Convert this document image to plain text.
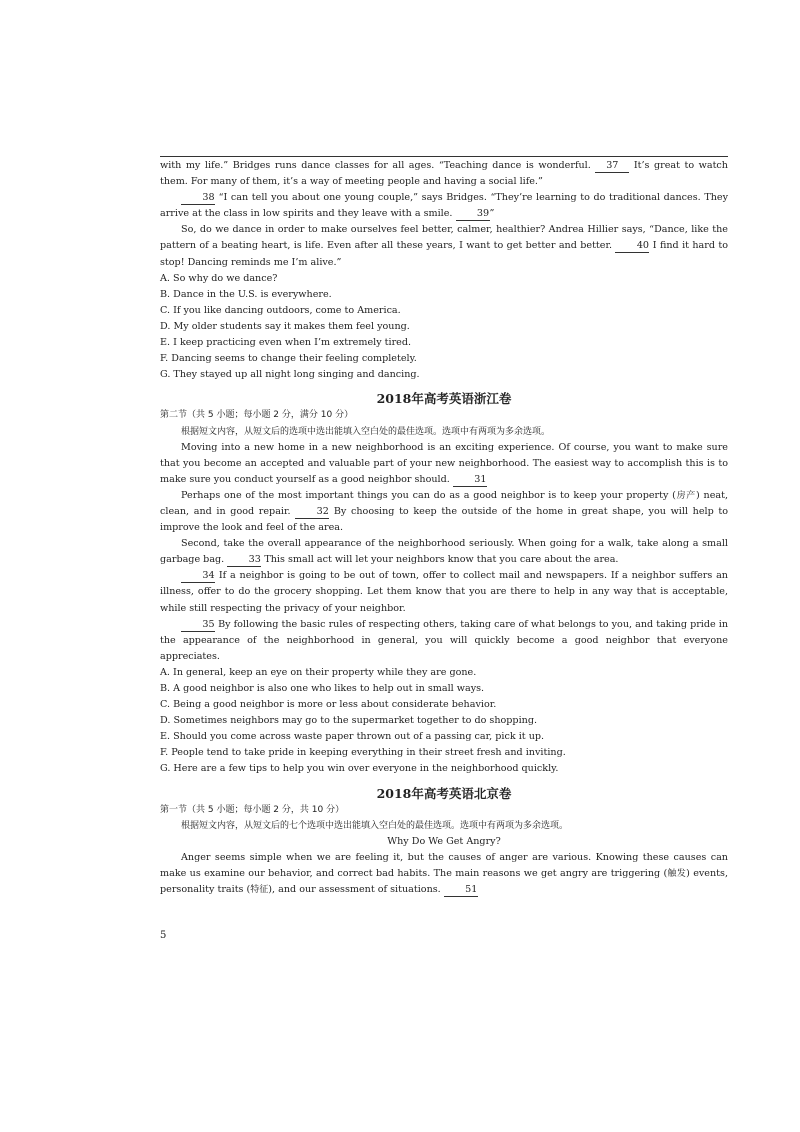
with my life.” Bridges runs dance classes for all ages. “Teaching dance is wonderful. 37 It’s great to watch them. For many of them, it’s a way of meeting people and having a social life.”

38 “I can tell you about one young couple,” says Bridges. “They’re learning to do traditional dances. They arrive at the class in low spirits and they leave with a smile. 39”

So, do we dance in order to make ourselves feel better, calmer, healthier? Andrea Hillier says, “Dance, like the pattern of a beating heart, is life. Even after all these years, I want to get better and better. 40 I find it hard to stop! Dancing reminds me I’m alive.”

A. So why do we dance?

B. Dance in the U.S. is everywhere.

C. If you like dancing outdoors, come to America.

D. My older students say it makes them feel young.

E. I keep practicing even when I’m extremely tired.

F. Dancing seems to change their feeling completely.

G. They stayed up all night long singing and dancing.

2018年高考英语浙江卷

第二节（共 5 小题；每小题 2 分，满分 10 分）

根据短文内容，从短文后的选项中选出能填入空白处的最佳选项。选项中有两项为多余选项。

Moving into a new home in a new neighborhood is an exciting experience. Of course, you want to make sure that you become an accepted and valuable part of your new neighborhood. The easiest way to accomplish this is to make sure you conduct yourself as a good neighbor should. 31

Perhaps one of the most important things you can do as a good neighbor is to keep your property (房产) neat, clean, and in good repair. 32 By choosing to keep the outside of the home in great shape, you will help to improve the look and feel of the area.

Second, take the overall appearance of the neighborhood seriously. When going for a walk, take along a small garbage bag. 33 This small act will let your neighbors know that you care about the area.

34 If a neighbor is going to be out of town, offer to collect mail and newspapers. If a neighbor suffers an illness, offer to do the grocery shopping. Let them know that you are there to help in any way that is acceptable, while still respecting the privacy of your neighbor.

35 By following the basic rules of respecting others, taking care of what belongs to you, and taking pride in the appearance of the neighborhood in general, you will quickly become a good neighbor that everyone appreciates.

A. In general, keep an eye on their property while they are gone.

B. A good neighbor is also one who likes to help out in small ways.

C. Being a good neighbor is more or less about considerate behavior.

D. Sometimes neighbors may go to the supermarket together to do shopping.

E. Should you come across waste paper thrown out of a passing car, pick it up.

F. People tend to take pride in keeping everything in their street fresh and inviting.

G. Here are a few tips to help you win over everyone in the neighborhood quickly.

2018年高考英语北京卷

第一节（共 5 小题；每小题 2 分，共 10 分）

根据短文内容，从短文后的七个选项中选出能填入空白处的最佳选项。选项中有两项为多余选项。

Why Do We Get Angry?

Anger seems simple when we are feeling it, but the causes of anger are various. Knowing these causes can make us examine our behavior, and correct bad habits. The main reasons we get angry are triggering (触发) events, personality traits (特征), and our assessment of situations. 51

5
